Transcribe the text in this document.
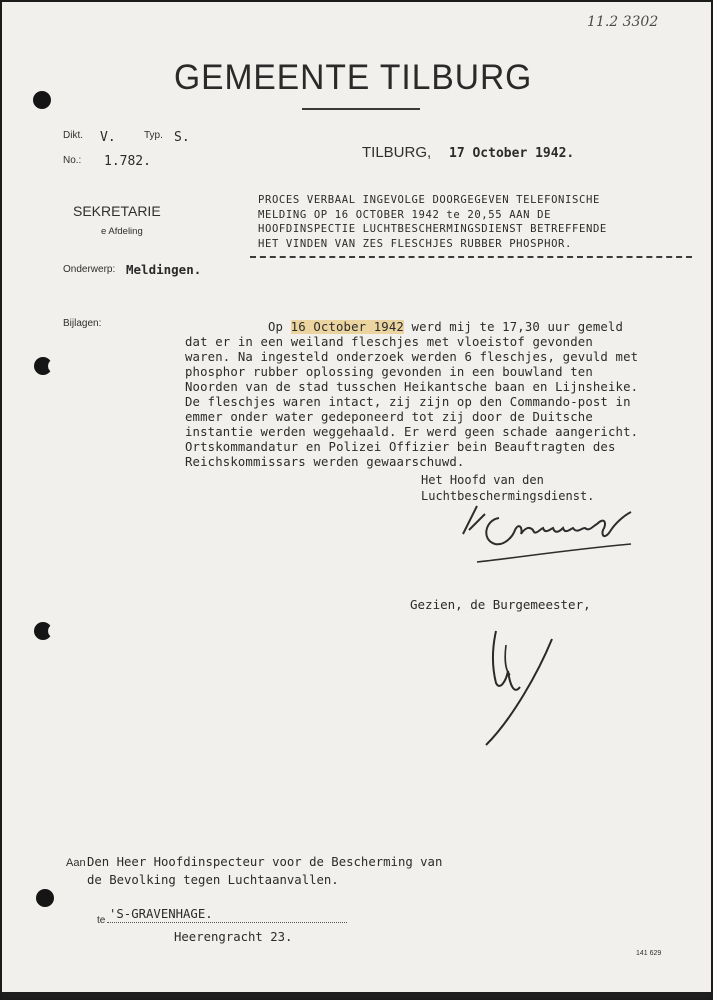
11.2 3302
GEMEENTE TILBURG
Dikt. V.	Typ. S.
No.: 1.782.
TILBURG, 17 October 1942.
SEKRETARIE
e Afdeling
PROCES VERBAAL INGEVOLGE DOORGEGEVEN TELEFONISCHE
MELDING OP 16 OCTOBER 1942 te 20,55 AAN DE
HOOFDINSPECTIE LUCHTBESCHERMINGSDIENST BETREFFENDE
HET VINDEN VAN ZES FLESCHJES RUBBER PHOSPHOR.
Onderwerp: Meldingen.
Bijlagen:	Op 16 October 1942 werd mij te 17,30 uur gemeld
dat er in een weiland fleschjes met vloeistof gevonden
waren. Na ingesteld onderzoek werden 6 fleschjes, gevuld met
phosphor rubber oplossing gevonden in een bouwland ten
Noorden van de stad tusschen Heikantsche baan en Lijnsheike.
De fleschjes waren intact, zij zijn op den Commando-post in
emmer onder water gedeponeerd tot zij door de Duitsche
instantie werden weggehaald. Er werd geen schade aangericht.
Ortskommandatur en Polizei Offizier bein Beauftragten des
Reichskommissars werden gewaarschuwd.
Het Hoofd van den
Luchtbeschermingsdienst.
Gezien, de Burgemeester,
Aan Den Heer Hoofdinspecteur voor de Bescherming van
de Bevolking tegen Luchtaanvallen.
te 'S-GRAVENHAGE.
Heerengracht 23.
141 629
